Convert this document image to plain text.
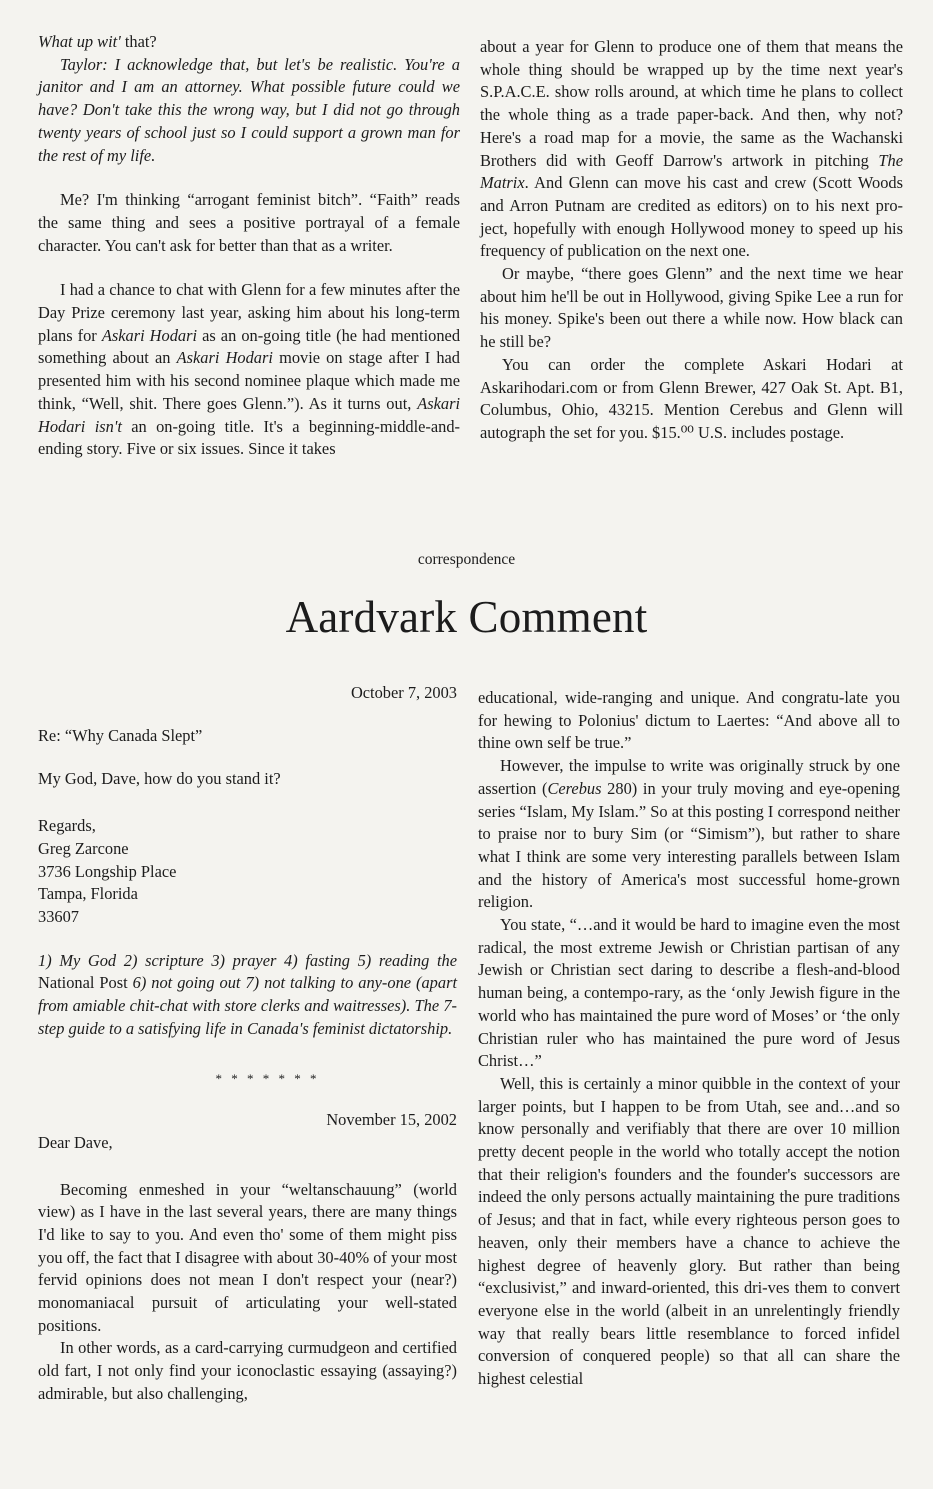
What up wit' that?

Taylor: I acknowledge that, but let's be realistic. You're a janitor and I am an attorney. What possible future could we have? Don't take this the wrong way, but I did not go through twenty years of school just so I could support a grown man for the rest of my life.

Me? I'm thinking “arrogant feminist bitch”. “Faith” reads the same thing and sees a positive portrayal of a female character. You can't ask for better than that as a writer.

I had a chance to chat with Glenn for a few minutes after the Day Prize ceremony last year, asking him about his long-term plans for Askari Hodari as an on-going title (he had mentioned something about an Askari Hodari movie on stage after I had presented him with his second nominee plaque which made me think, “Well, shit. There goes Glenn.”). As it turns out, Askari Hodari isn't an on-going title. It's a beginning-middle-and-ending story. Five or six issues. Since it takes

about a year for Glenn to produce one of them that means the whole thing should be wrapped up by the time next year's S.P.A.C.E. show rolls around, at which time he plans to collect the whole thing as a trade paper-back. And then, why not? Here's a road map for a movie, the same as the Wachanski Brothers did with Geoff Darrow's artwork in pitching The Matrix. And Glenn can move his cast and crew (Scott Woods and Arron Putnam are credited as editors) on to his next pro-ject, hopefully with enough Hollywood money to speed up his frequency of publication on the next one.

Or maybe, “there goes Glenn” and the next time we hear about him he'll be out in Hollywood, giving Spike Lee a run for his money. Spike's been out there a while now. How black can he still be?

You can order the complete Askari Hodari at Askarihodari.com or from Glenn Brewer, 427 Oak St. Apt. B1, Columbus, Ohio, 43215. Mention Cerebus and Glenn will autograph the set for you. $15.⁰⁰ U.S. includes postage.

correspondence
Aardvark Comment

October 7, 2003

Re: “Why Canada Slept”

My God, Dave, how do you stand it?

Regards,

Greg Zarcone

3736 Longship Place

Tampa, Florida

33607

1) My God 2) scripture 3) prayer 4) fasting 5) reading the National Post 6) not going out 7) not talking to any-one (apart from amiable chit-chat with store clerks and waitresses). The 7-step guide to a satisfying life in Canada's feminist dictatorship.

* * * * * * *

November 15, 2002

Dear Dave,

Becoming enmeshed in your “weltanschauung” (world view) as I have in the last several years, there are many things I'd like to say to you. And even tho' some of them might piss you off, the fact that I disagree with about 30-40% of your most fervid opinions does not mean I don't respect your (near?) monomaniacal pursuit of articulating your well-stated positions.

In other words, as a card-carrying curmudgeon and certified old fart, I not only find your iconoclastic essaying (assaying?) admirable, but also challenging,

educational, wide-ranging and unique. And congratu-late you for hewing to Polonius' dictum to Laertes: “And above all to thine own self be true.”

However, the impulse to write was originally struck by one assertion (Cerebus 280) in your truly moving and eye-opening series “Islam, My Islam.” So at this posting I correspond neither to praise nor to bury Sim (or “Simism”), but rather to share what I think are some very interesting parallels between Islam and the history of America's most successful home-grown religion.

You state, “…and it would be hard to imagine even the most radical, the most extreme Jewish or Christian partisan of any Jewish or Christian sect daring to describe a flesh-and-blood human being, a contempo-rary, as the ‘only Jewish figure in the world who has maintained the pure word of Moses’ or ‘the only Christian ruler who has maintained the pure word of Jesus Christ…”

Well, this is certainly a minor quibble in the context of your larger points, but I happen to be from Utah, see and…and so know personally and verifiably that there are over 10 million pretty decent people in the world who totally accept the notion that their religion's founders and the founder's successors are indeed the only persons actually maintaining the pure traditions of Jesus; and that in fact, while every righteous person goes to heaven, only their members have a chance to achieve the highest degree of heavenly glory. But rather than being “exclusivist,” and inward-oriented, this dri-ves them to convert everyone else in the world (albeit in an unrelentingly friendly way that really bears little resemblance to forced infidel conversion of conquered people) so that all can share the highest celestial
